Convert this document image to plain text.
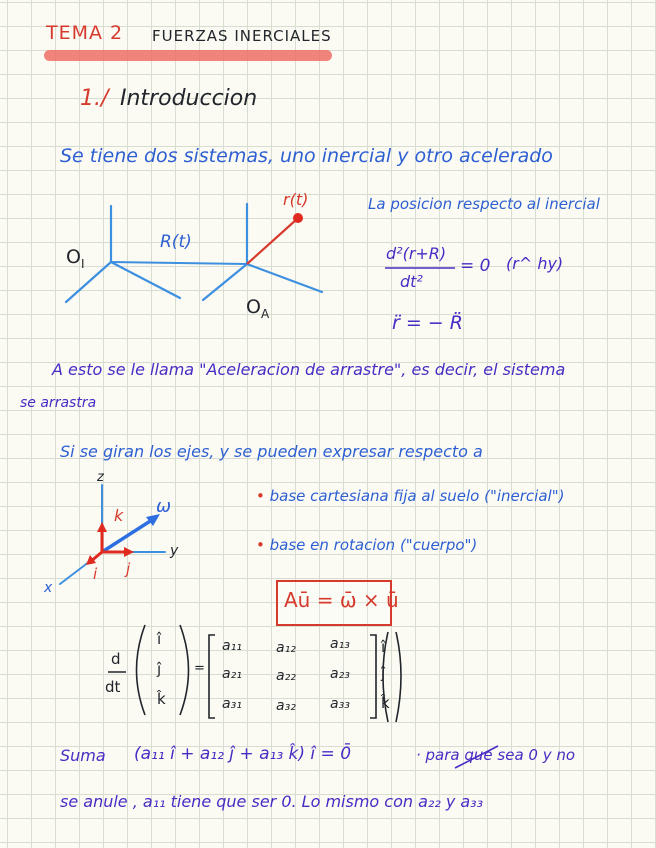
TEMA 2 FUERZAS INERCIALES
1./ Introduccion
Se tiene dos sistemas, uno inercial y otro acelerado
$O_I$
$O_A$
R(t)
r(t)	La posicion respecto al inercial
d²(r+R)
dt²
= 0 (r^ hy)
r̈ = − R̈
A esto se le llama "Aceleracion de arrastre", es decir, el sistema
se arrastra
Si se giran los ejes, y se pueden expresar respecto a
z
y
x
k
i j
ω	• base cartesiana fija al suelo ("inercial")
• base en rotacion ("cuerpo")
Aū = ω̄ × ū
d
dt
î
ĵ
k̂
=
a₁₁ a₁₂ a₁₃
a₂₁ a₂₂ a₂₃
a₃₁ a₃₂ a₃₃
î
ĵ
k̂
Suma (a₁₁ î + a₁₂ ĵ + a₁₃ k̂) î = 0̄	· para que sea 0 y no
se anule , a₁₁ tiene que ser 0. Lo mismo con a₂₂ y a₃₃
